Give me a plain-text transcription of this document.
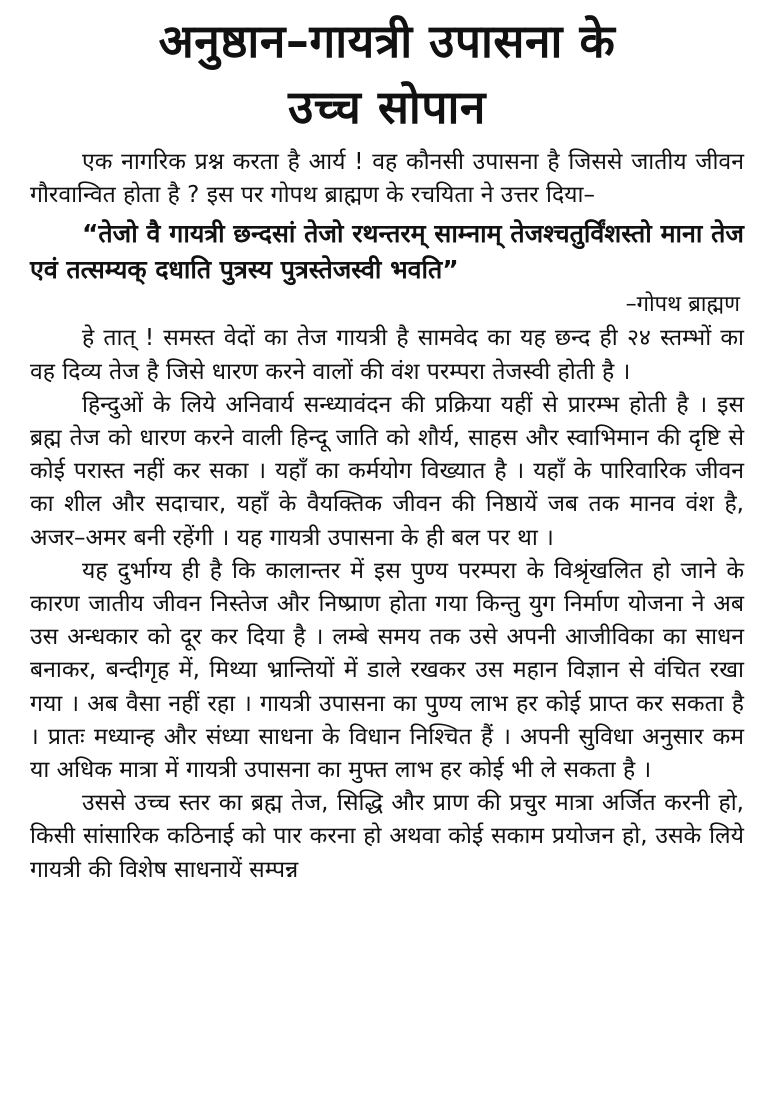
अनुष्ठान–गायत्री उपासना के
उच्च सोपान

एक नागरिक प्रश्न करता है आर्य ! वह कौनसी उपासना है जिससे जातीय जीवन गौरवान्वित होता है ? इस पर गोपथ ब्राह्मण के रचयिता ने उत्तर दिया–

“तेजो वै गायत्री छन्दसां तेजो रथन्तरम् साम्नाम् तेजश्चतुर्विंशस्तो माना तेज एवं तत्सम्यक् दधाति पुत्रस्य पुत्रस्तेजस्वी भवति”

–गोपथ ब्राह्मण

हे तात् ! समस्त वेदों का तेज गायत्री है सामवेद का यह छन्द ही २४ स्तम्भों का वह दिव्य तेज है जिसे धारण करने वालों की वंश परम्परा तेजस्वी होती है ।

हिन्दुओं के लिये अनिवार्य सन्ध्यावंदन की प्रक्रिया यहीं से प्रारम्भ होती है । इस ब्रह्म तेज को धारण करने वाली हिन्दू जाति को शौर्य, साहस और स्वाभिमान की दृष्टि से कोई परास्त नहीं कर सका । यहाँ का कर्मयोग विख्यात है । यहाँ के पारिवारिक जीवन का शील और सदाचार, यहाँ के वैयक्तिक जीवन की निष्ठायें जब तक मानव वंश है, अजर–अमर बनी रहेंगी । यह गायत्री उपासना के ही बल पर था ।

यह दुर्भाग्य ही है कि कालान्तर में इस पुण्य परम्परा के विश्रृंखलित हो जाने के कारण जातीय जीवन निस्तेज और निष्प्राण होता गया किन्तु युग निर्माण योजना ने अब उस अन्धकार को दूर कर दिया है । लम्बे समय तक उसे अपनी आजीविका का साधन बनाकर, बन्दीगृह में, मिथ्या भ्रान्तियों में डाले रखकर उस महान विज्ञान से वंचित रखा गया । अब वैसा नहीं रहा । गायत्री उपासना का पुण्य लाभ हर कोई प्राप्त कर सकता है । प्रातः मध्यान्ह और संध्या साधना के विधान निश्चित हैं । अपनी सुविधा अनुसार कम या अधिक मात्रा में गायत्री उपासना का मुफ्त लाभ हर कोई भी ले सकता है ।

उससे उच्च स्तर का ब्रह्म तेज, सिद्धि और प्राण की प्रचुर मात्रा अर्जित करनी हो, किसी सांसारिक कठिनाई को पार करना हो अथवा कोई सकाम प्रयोजन हो, उसके लिये गायत्री की विशेष साधनायें सम्पन्न
